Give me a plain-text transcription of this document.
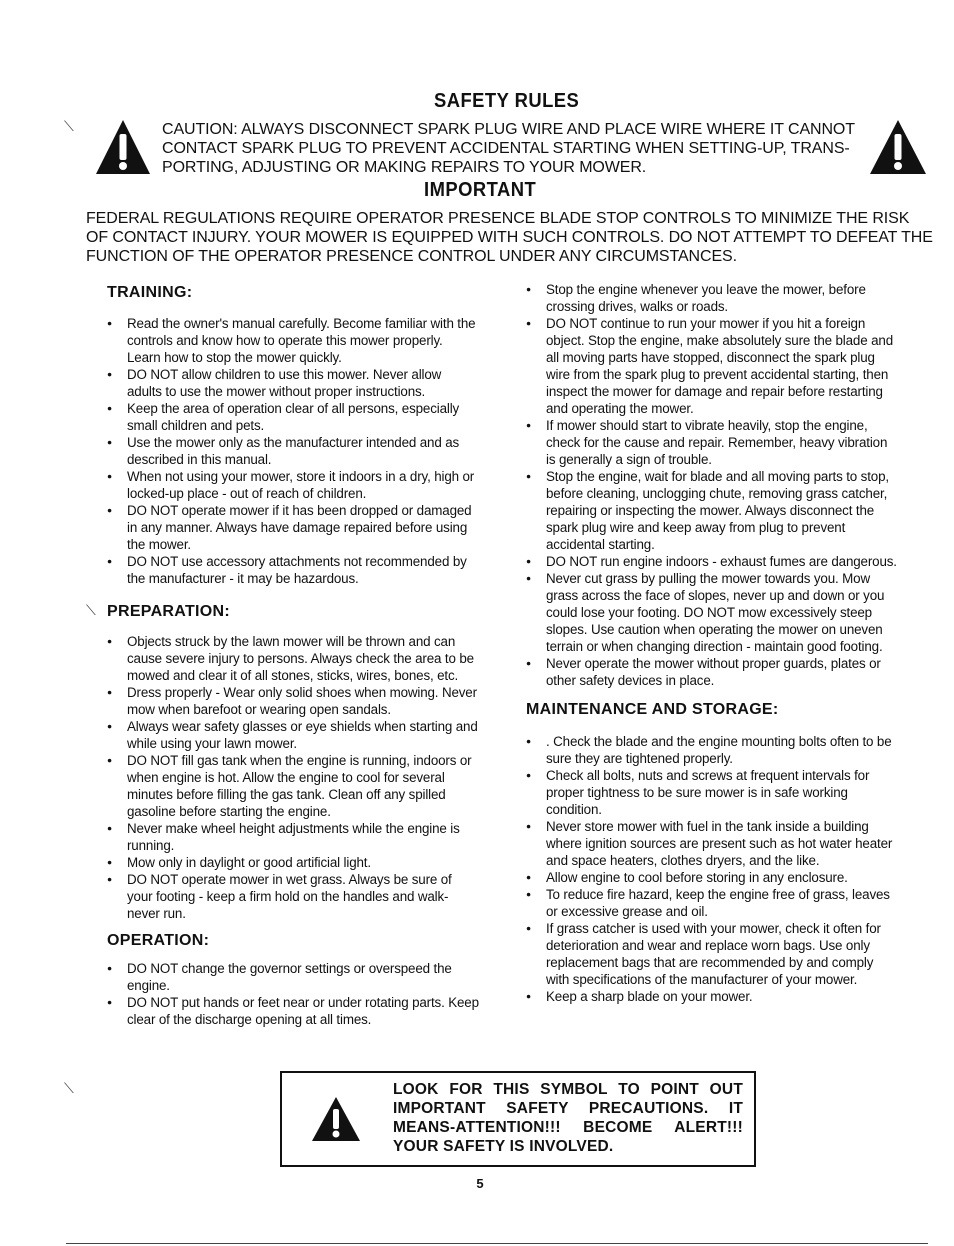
SAFETY RULES
⟍	CAUTION: ALWAYS DISCONNECT SPARK PLUG WIRE AND PLACE WIRE WHERE IT CANNOT CONTACT SPARK PLUG TO PREVENT ACCIDENTAL STARTING WHEN SETTING-UP, TRANS-PORTING, ADJUSTING OR MAKING REPAIRS TO YOUR MOWER.
IMPORTANT
FEDERAL REGULATIONS REQUIRE OPERATOR PRESENCE BLADE STOP CONTROLS TO MINIMIZE THE RISK OF CONTACT INJURY. YOUR MOWER IS EQUIPPED WITH SUCH CONTROLS. DO NOT ATTEMPT TO DEFEAT THE FUNCTION OF THE OPERATOR PRESENCE CONTROL UNDER ANY CIRCUMSTANCES.
TRAINING:
● Read the owner's manual carefully. Become familiar with the controls and know how to operate this mower properly. Learn how to stop the mower quickly.
● DO NOT allow children to use this mower. Never allow adults to use the mower without proper instructions.
● Keep the area of operation clear of all persons, especially small children and pets.
● Use the mower only as the manufacturer intended and as described in this manual.
● When not using your mower, store it indoors in a dry, high or locked-up place - out of reach of children.
● DO NOT operate mower if it has been dropped or damaged in any manner. Always have damage repaired before using the mower.
● DO NOT use accessory attachments not recommended by the manufacturer - it may be hazardous.
PREPARATION:
● Objects struck by the lawn mower will be thrown and can cause severe injury to persons. Always check the area to be mowed and clear it of all stones, sticks, wires, bones, etc.
● Dress properly - Wear only solid shoes when mowing. Never mow when barefoot or wearing open sandals.
● Always wear safety glasses or eye shields when starting and while using your lawn mower.
● DO NOT fill gas tank when the engine is running, indoors or when engine is hot. Allow the engine to cool for several minutes before filling the gas tank. Clean off any spilled gasoline before starting the engine.
● Never make wheel height adjustments while the engine is running.
● Mow only in daylight or good artificial light.
● DO NOT operate mower in wet grass. Always be sure of your footing - keep a firm hold on the handles and walk-never run.
OPERATION:
● DO NOT change the governor settings or overspeed the engine.
● DO NOT put hands or feet near or under rotating parts. Keep clear of the discharge opening at all times.
⟍
● Stop the engine whenever you leave the mower, before crossing drives, walks or roads.
● DO NOT continue to run your mower if you hit a foreign object. Stop the engine, make absolutely sure the blade and all moving parts have stopped, disconnect the spark plug wire from the spark plug to prevent accidental starting, then inspect the mower for damage and repair before restarting and operating the mower.
● If mower should start to vibrate heavily, stop the engine, check for the cause and repair. Remember, heavy vibration is generally a sign of trouble.
● Stop the engine, wait for blade and all moving parts to stop, before cleaning, unclogging chute, removing grass catcher, repairing or inspecting the mower. Always disconnect the spark plug wire and keep away from plug to prevent accidental starting.
● DO NOT run engine indoors - exhaust fumes are dangerous.
● Never cut grass by pulling the mower towards you. Mow grass across the face of slopes, never up and down or you could lose your footing. DO NOT mow excessively steep slopes. Use caution when operating the mower on uneven terrain or when changing direction - maintain good footing.
● Never operate the mower without proper guards, plates or other safety devices in place.
MAINTENANCE AND STORAGE:
● . Check the blade and the engine mounting bolts often to be sure they are tightened properly.
● Check all bolts, nuts and screws at frequent intervals for proper tightness to be sure mower is in safe working condition.
● Never store mower with fuel in the tank inside a building where ignition sources are present such as hot water heater and space heaters, clothes dryers, and the like.
● Allow engine to cool before storing in any enclosure.
● To reduce fire hazard, keep the engine free of grass, leaves or excessive grease and oil.
● If grass catcher is used with your mower, check it often for deterioration and wear and replace worn bags. Use only replacement bags that are recommended by and comply with specifications of the manufacturer of your mower.
● Keep a sharp blade on your mower.
⟍	LOOK FOR THIS SYMBOL TO POINT OUT IMPORTANT SAFETY PRECAUTIONS. IT MEANS-ATTENTION!!! BECOME ALERT!!! YOUR SAFETY IS INVOLVED.
5
